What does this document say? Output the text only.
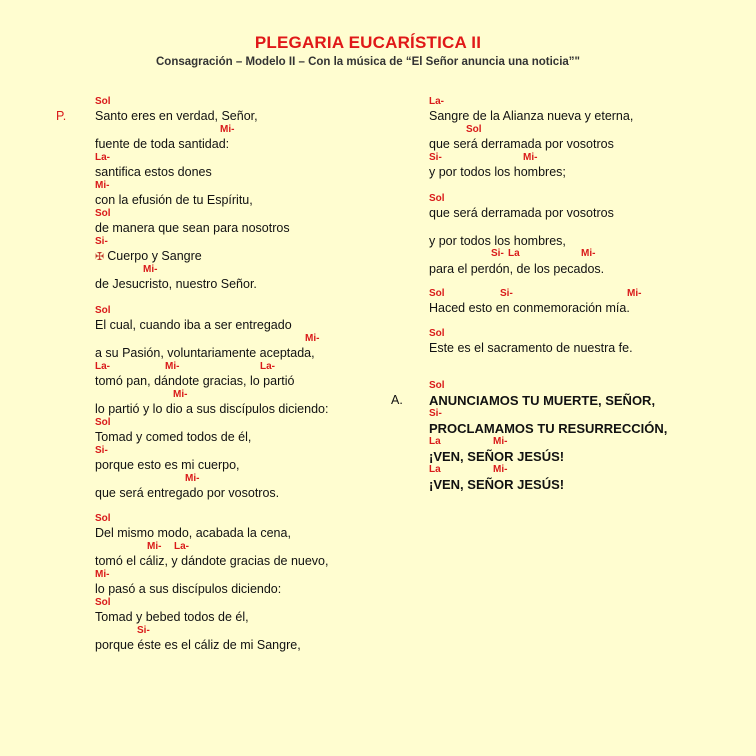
PLEGARIA EUCARÍSTICA II
Consagración – Modelo II – Con la música de “El Señor anuncia una noticia”"
Sol
Santo eres en verdad, Señor,
Mi-
fuente de toda santidad:
La-
santifica estos dones
Mi-
con la efusión de tu Espíritu,
Sol
de manera que sean para nosotros
Si-
✠ Cuerpo y Sangre
Mi-
de Jesucristo, nuestro Señor.
Sol
El cual, cuando iba a ser entregado
Mi-
a su Pasión, voluntariamente aceptada,
La-	Mi-	La-
tomó pan, dándote gracias, lo partió
Mi-
lo partió y lo dio a sus discípulos diciendo:
Sol
Tomad y comed todos de él,
Si-
porque esto es mi cuerpo,
Mi-
que será entregado por vosotros.
Sol
Del mismo modo, acabada la cena,
Mi- La-
tomó el cáliz, y dándote gracias de nuevo,
Mi-
lo pasó a sus discípulos diciendo:
Sol
Tomad y bebed todos de él,
Si-
porque éste es el cáliz de mi Sangre,
P.
La-
Sangre de la Alianza nueva y eterna,
Sol
que será derramada por vosotros
Si-	Mi-
y por todos los hombres;
Sol
que será derramada por vosotros
y por todos los hombres,
Si- La	Mi-
para el perdón, de los pecados.
Sol	Si-	Mi-
Haced esto en conmemoración mía.
Sol
Este es el sacramento de nuestra fe.
Sol
ANUNCIAMOS TU MUERTE, SEÑOR,
Si-
PROCLAMAMOS TU RESURRECCIÓN,
La	Mi-
¡VEN, SEÑOR JESÚS!
La	Mi-
¡VEN, SEÑOR JESÚS!
A.
